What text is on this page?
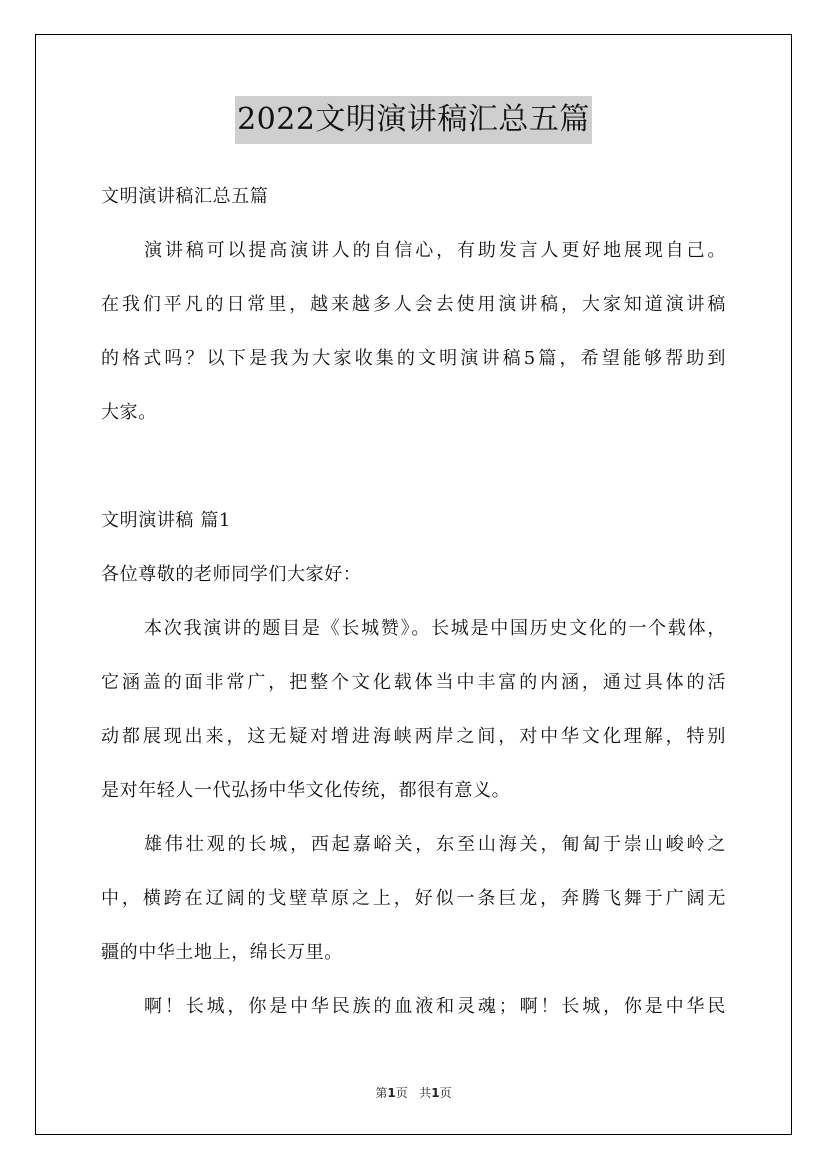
2022文明演讲稿汇总五篇
文明演讲稿汇总五篇
演讲稿可以提高演讲人的自信心，有助发言人更好地展现自己。
在我们平凡的日常里，越来越多人会去使用演讲稿，大家知道演讲稿
的格式吗？以下是我为大家收集的文明演讲稿5篇，希望能够帮助到
大家。
文明演讲稿 篇1
各位尊敬的老师同学们大家好：
本次我演讲的题目是《长城赞》。长城是中国历史文化的一个载体，
它涵盖的面非常广，把整个文化载体当中丰富的内涵，通过具体的活
动都展现出来，这无疑对增进海峡两岸之间，对中华文化理解，特别
是对年轻人一代弘扬中华文化传统，都很有意义。
雄伟壮观的长城，西起嘉峪关，东至山海关，匍匐于崇山峻岭之
中，横跨在辽阔的戈壁草原之上，好似一条巨龙，奔腾飞舞于广阔无
疆的中华土地上，绵长万里。
啊！长城，你是中华民族的血液和灵魂；啊！长城，你是中华民
第1页 共1页
